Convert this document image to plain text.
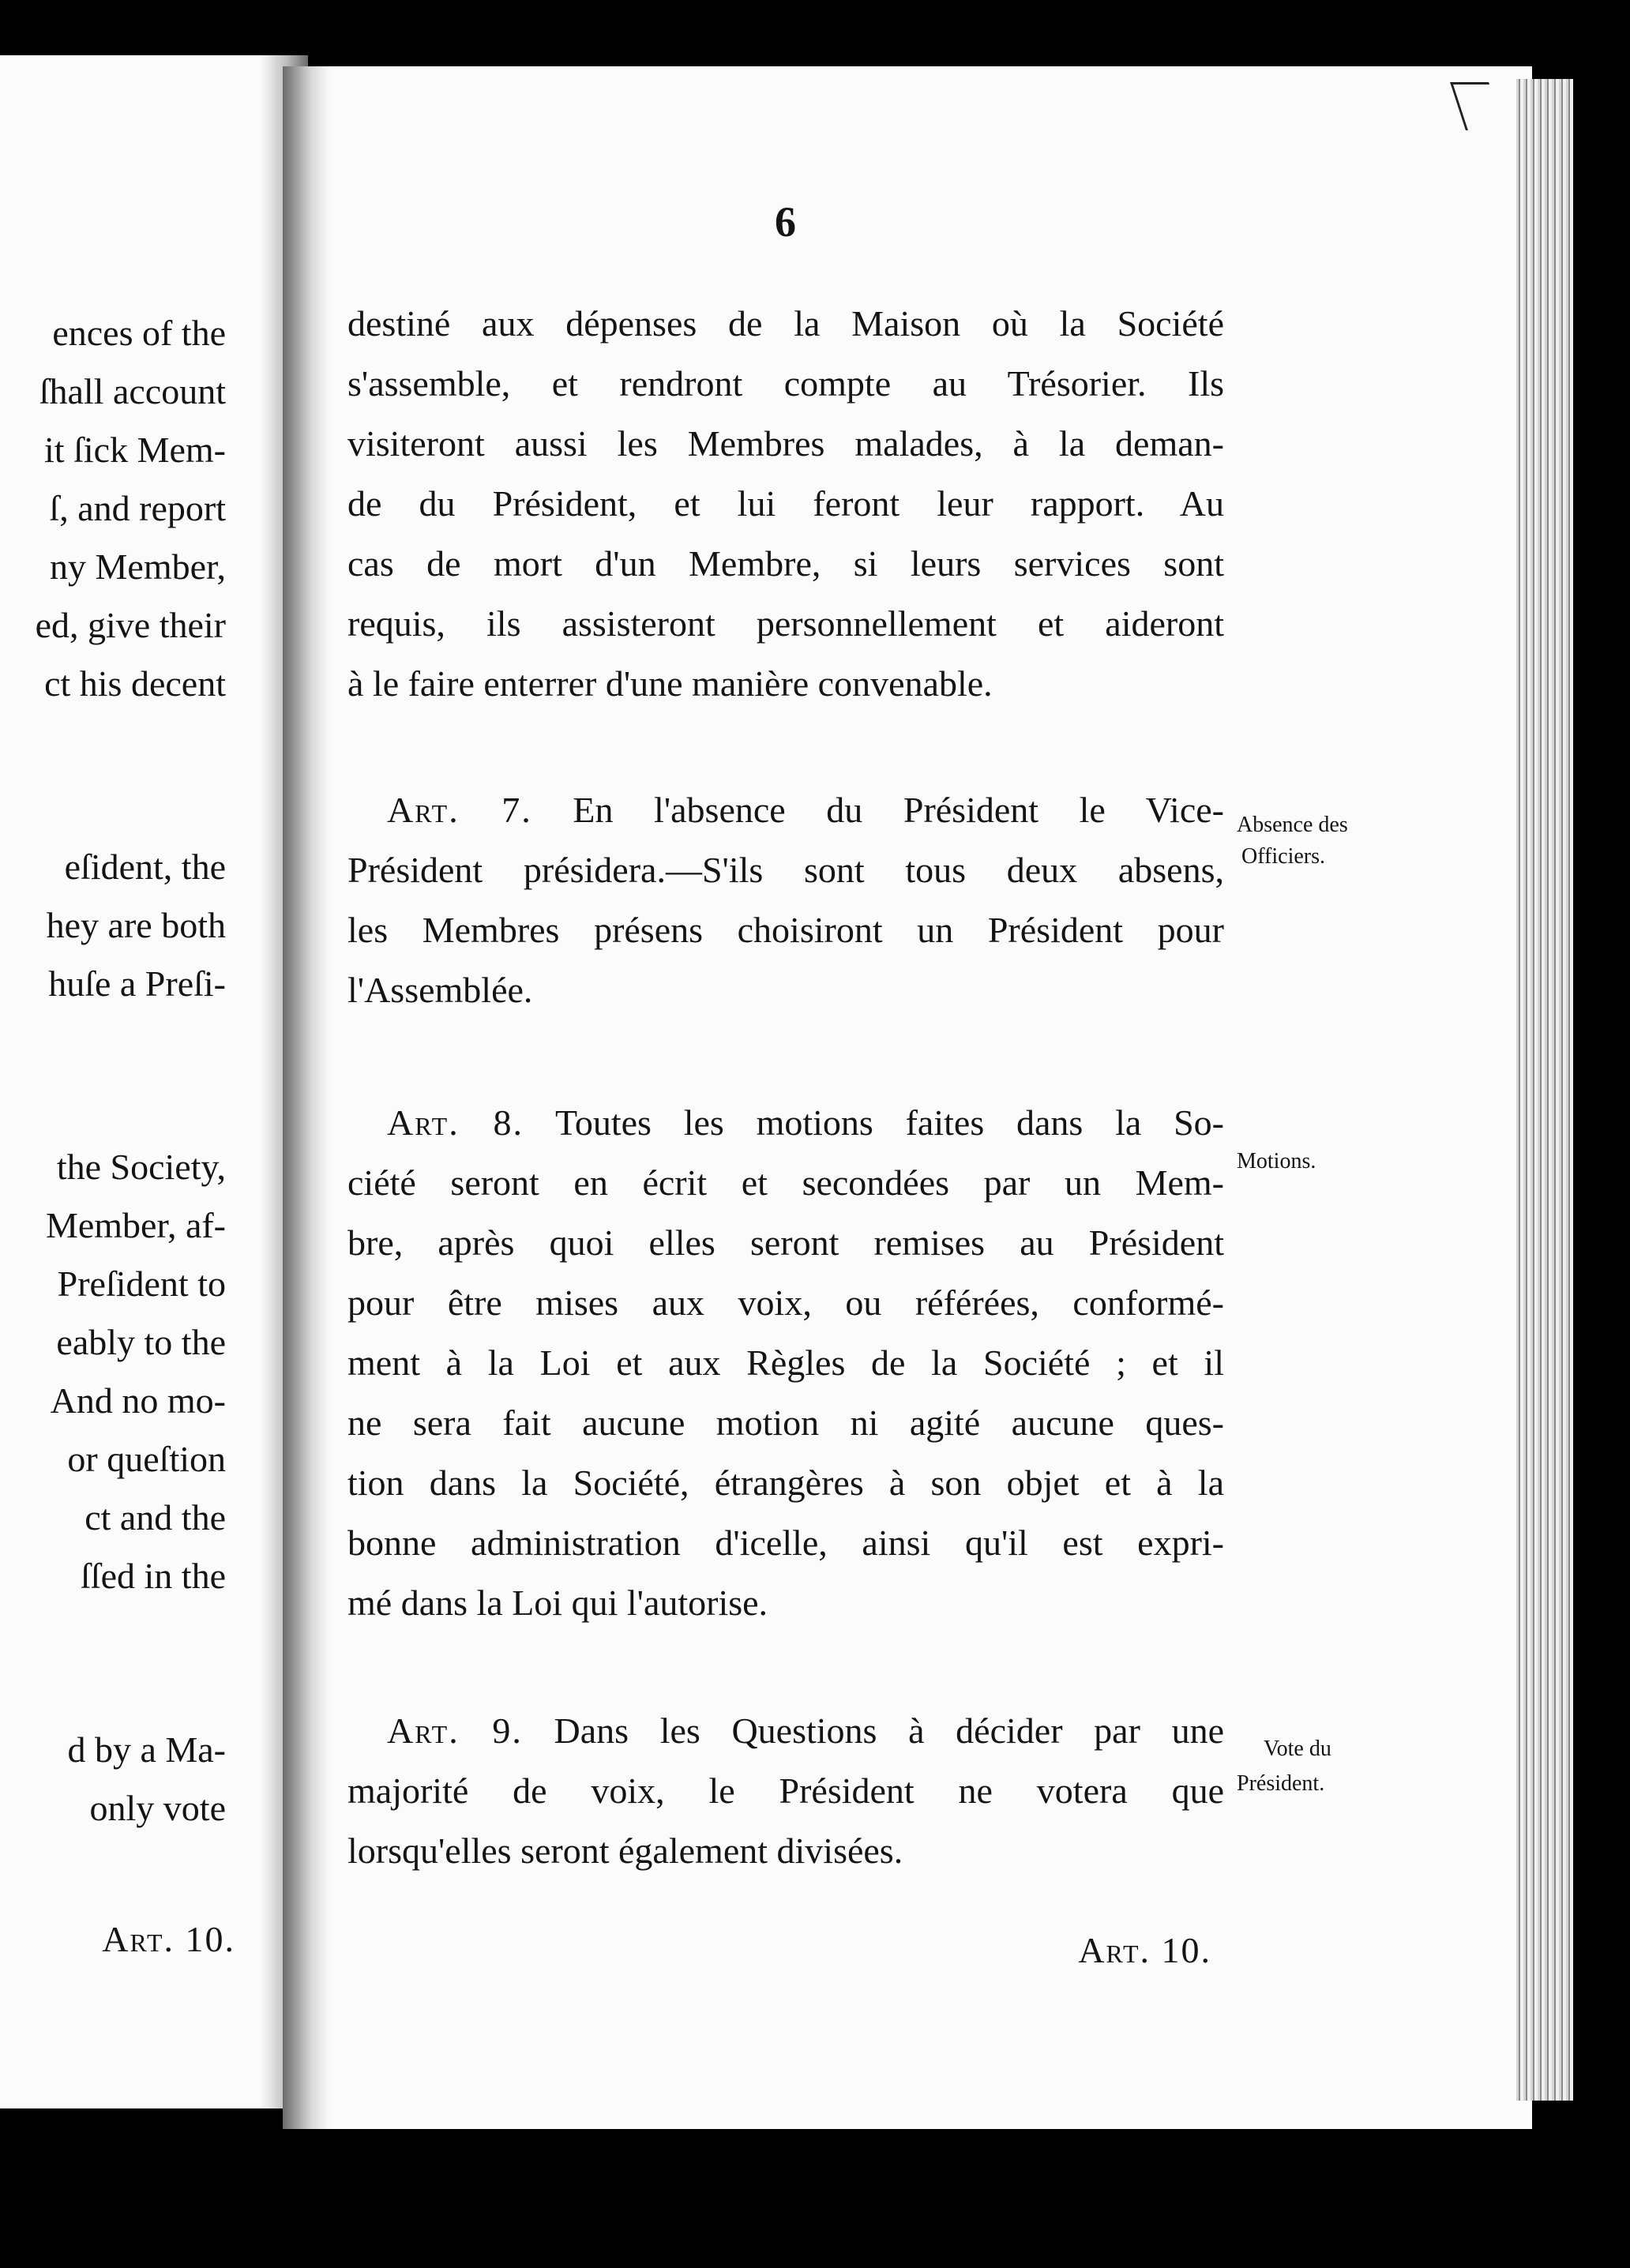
ences of the
ſhall account
it ſick Mem-
ſ, and report
ny Member,
ed, give their
ct his decent
eſident, the
hey are both
huſe a Preſi-
the Society,
Member, af-
Preſident to
eably to the
And no mo-
or queſtion
ct and the
ſſed in the
d by a Ma-
only vote
Art. 10.
6
destiné aux dépenses de la Maison où la Société
s'assemble, et rendront compte au Trésorier. Ils
visiteront aussi les Membres malades, à la deman-
de du Président, et lui feront leur rapport. Au
cas de mort d'un Membre, si leurs services sont
requis, ils assisteront personnellement et aideront
à le faire enterrer d'une manière convenable.
Art. 7. En l'absence du Président le Vice-
Président présidera.—S'ils sont tous deux absens,
les Membres présens choisiront un Président pour
l'Assemblée.
Absence des
Officiers.
Art. 8. Toutes les motions faites dans la So-
ciété seront en écrit et secondées par un Mem-
bre, après quoi elles seront remises au Président
pour être mises aux voix, ou référées, conformé-
ment à la Loi et aux Règles de la Société ; et il
ne sera fait aucune motion ni agité aucune ques-
tion dans la Société, étrangères à son objet et à la
bonne administration d'icelle, ainsi qu'il est expri-
mé dans la Loi qui l'autorise.
Motions.
Art. 9. Dans les Questions à décider par une
majorité de voix, le Président ne votera que
lorsqu'elles seront également divisées.
Vote du
Président.
Art. 10.
